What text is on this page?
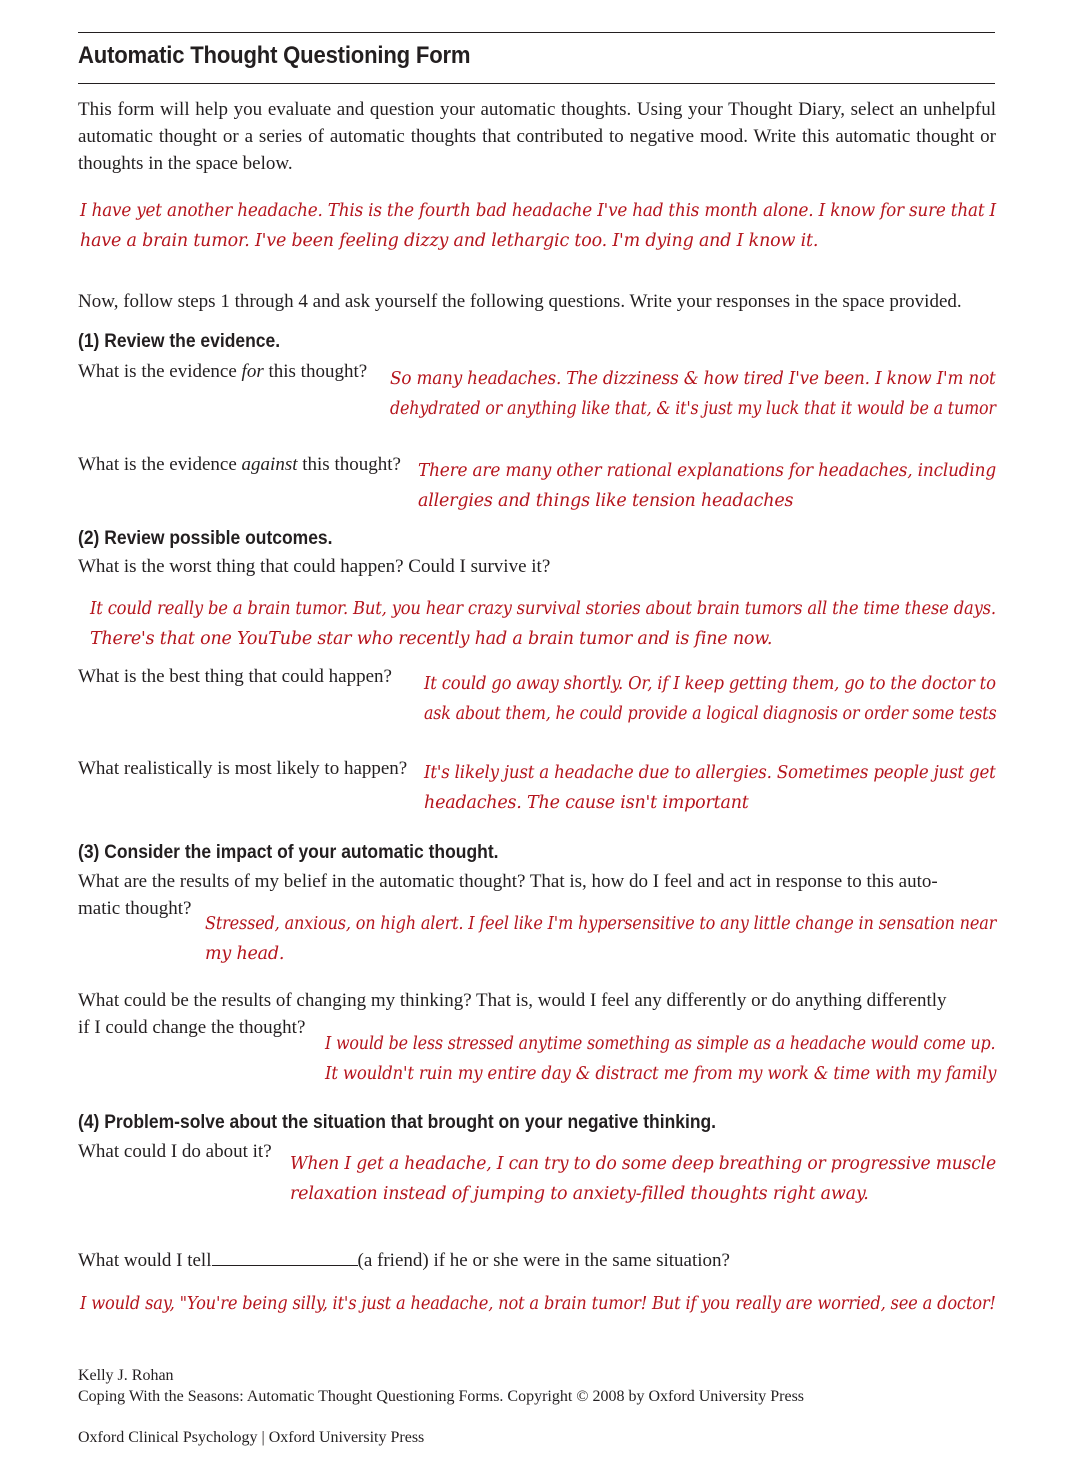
Automatic Thought Questioning Form

This form will help you evaluate and question your automatic thoughts. Using your Thought Diary, select an unhelpful automatic thought or a series of automatic thoughts that contributed to negative mood. Write this automatic thought or thoughts in the space below.

I have yet another headache. This is the fourth bad headache I've had this month alone. I know for sure that I
have a brain tumor. I've been feeling dizzy and lethargic too. I'm dying and I know it.

Now, follow steps 1 through 4 and ask yourself the following questions. Write your responses in the space provided.

(1) Review the evidence.
What is the evidence for this thought? So many headaches. The dizziness & how tired I've been. I know I'm not
dehydrated or anything like that, & it's just my luck that it would be a tumor
What is the evidence against this thought? There are many other rational explanations for headaches, including
allergies and things like tension headaches
(2) Review possible outcomes.
What is the worst thing that could happen? Could I survive it?
It could really be a brain tumor. But, you hear crazy survival stories about brain tumors all the time these days.
There's that one YouTube star who recently had a brain tumor and is fine now.
What is the best thing that could happen? It could go away shortly. Or, if I keep getting them, go to the doctor to
ask about them, he could provide a logical diagnosis or order some tests
What realistically is most likely to happen? It's likely just a headache due to allergies. Sometimes people just get
headaches. The cause isn't important
(3) Consider the impact of your automatic thought.
What are the results of my belief in the automatic thought? That is, how do I feel and act in response to this auto-
matic thought?
Stressed, anxious, on high alert. I feel like I'm hypersensitive to any little change in sensation near
my head.
What could be the results of changing my thinking? That is, would I feel any differently or do anything differently
if I could change the thought?
I would be less stressed anytime something as simple as a headache would come up.
It wouldn't ruin my entire day & distract me from my work & time with my family
(4) Problem-solve about the situation that brought on your negative thinking.
What could I do about it?
When I get a headache, I can try to do some deep breathing or progressive muscle
relaxation instead of jumping to anxiety-filled thoughts right away.
What would I tell	(a friend) if he or she were in the same situation?
I would say, "You're being silly, it's just a headache, not a brain tumor! But if you really are worried, see a doctor!
Kelly J. Rohan
Coping With the Seasons: Automatic Thought Questioning Forms. Copyright © 2008 by Oxford University Press
Oxford Clinical Psychology | Oxford University Press
